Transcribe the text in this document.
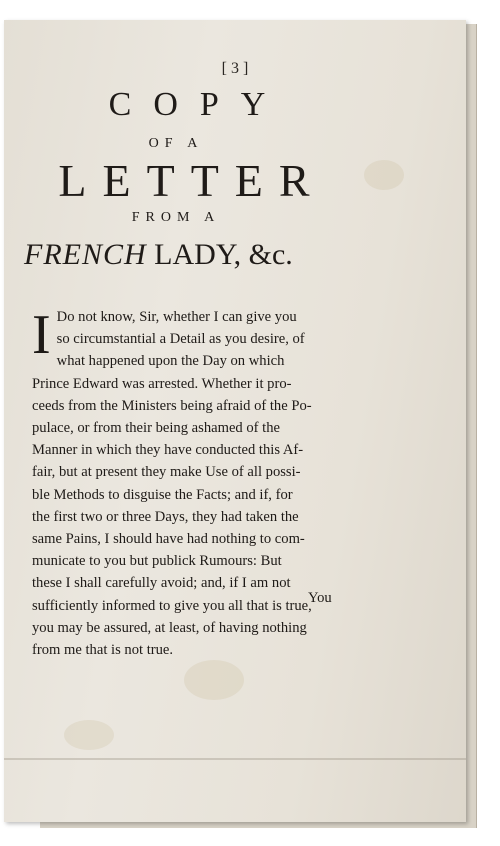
[ 3 ]
COPY
OF A
LETTER
FROM A
FRENCH LADY, &c.
I Do not know, Sir, whether I can give you
so circumstantial a Detail as you desire, of
what happened upon the Day on which
Prince Edward was arrested. Whether it pro-
ceeds from the Ministers being afraid of the Po-
pulace, or from their being ashamed of the
Manner in which they have conducted this Af-
fair, but at present they make Use of all possi-
ble Methods to disguise the Facts; and if, for
the first two or three Days, they had taken the
same Pains, I should have had nothing to com-
municate to you but publick Rumours: But
these I shall carefully avoid; and, if I am not
sufficiently informed to give you all that is true,
you may be assured, at least, of having nothing
from me that is not true.
You
